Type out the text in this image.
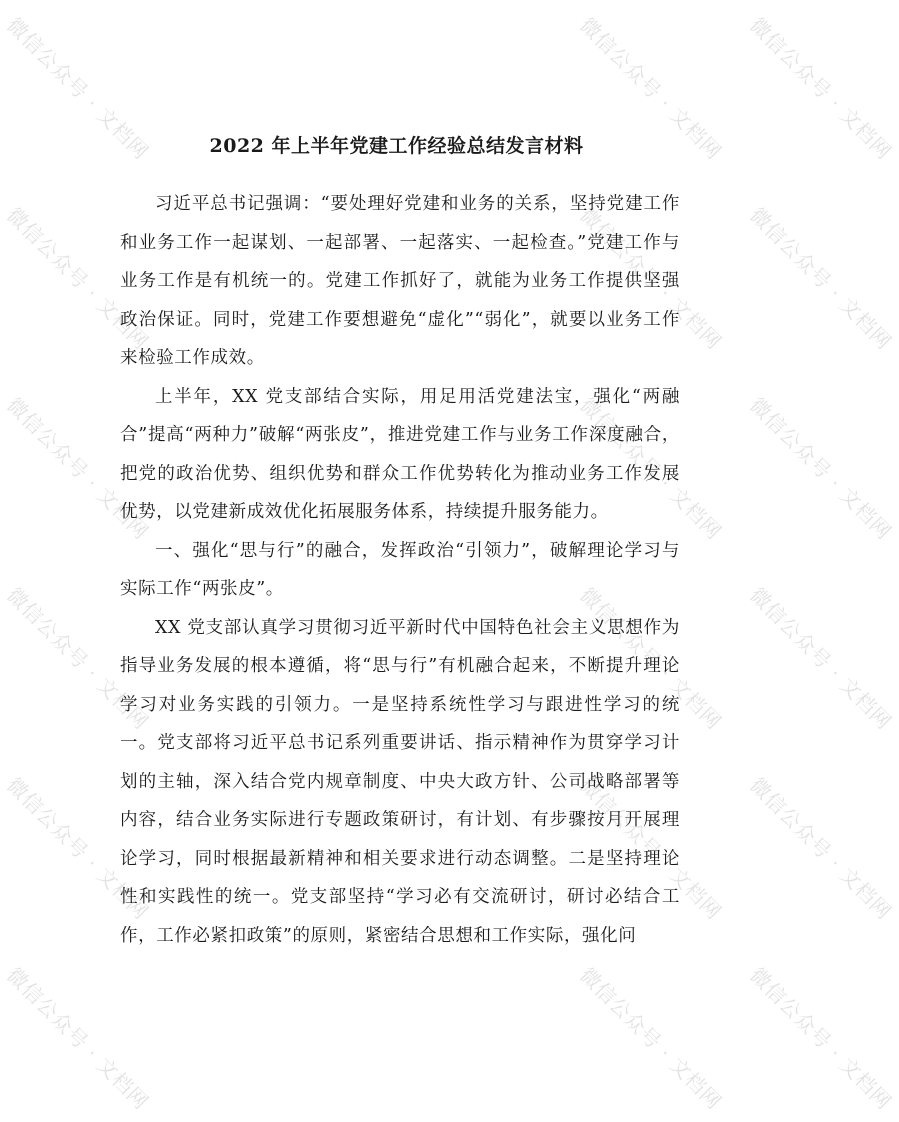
微信公众号 · 文档网	微信公众号 · 文档网
微信公众号 · 文档网	微信公众号 · 文档网
微信公众号 · 文档网	微信公众号 · 文档网
微信公众号 · 文档网	微信公众号 · 文档网
微信公众号 · 文档网	微信公众号 · 文档网
微信公众号 · 文档网	微信公众号 · 文档网
微信公众号 · 文档网
微信公众号 · 文档网
微信公众号 · 文档网
微信公众号 · 文档网
微信公众号 · 文档网
微信公众号 · 文档网
2022 年上半年党建工作经验总结发言材料

习近平总书记强调：“要处理好党建和业务的关系，坚持党建工作和业务工作一起谋划、一起部署、一起落实、一起检查。”党建工作与业务工作是有机统一的。党建工作抓好了，就能为业务工作提供坚强政治保证。同时，党建工作要想避免“虚化”“弱化”，就要以业务工作来检验工作成效。

上半年，XX 党支部结合实际，用足用活党建法宝，强化“两融合”提高“两种力”破解“两张皮”，推进党建工作与业务工作深度融合，把党的政治优势、组织优势和群众工作优势转化为推动业务工作发展优势，以党建新成效优化拓展服务体系，持续提升服务能力。

一、强化“思与行”的融合，发挥政治“引领力”，破解理论学习与实际工作“两张皮”。

XX 党支部认真学习贯彻习近平新时代中国特色社会主义思想作为指导业务发展的根本遵循，将“思与行”有机融合起来，不断提升理论学习对业务实践的引领力。一是坚持系统性学习与跟进性学习的统一。党支部将习近平总书记系列重要讲话、指示精神作为贯穿学习计划的主轴，深入结合党内规章制度、中央大政方针、公司战略部署等内容，结合业务实际进行专题政策研讨，有计划、有步骤按月开展理论学习，同时根据最新精神和相关要求进行动态调整。二是坚持理论性和实践性的统一。党支部坚持“学习必有交流研讨，研讨必结合工作，工作必紧扣政策”的原则，紧密结合思想和工作实际，强化问
